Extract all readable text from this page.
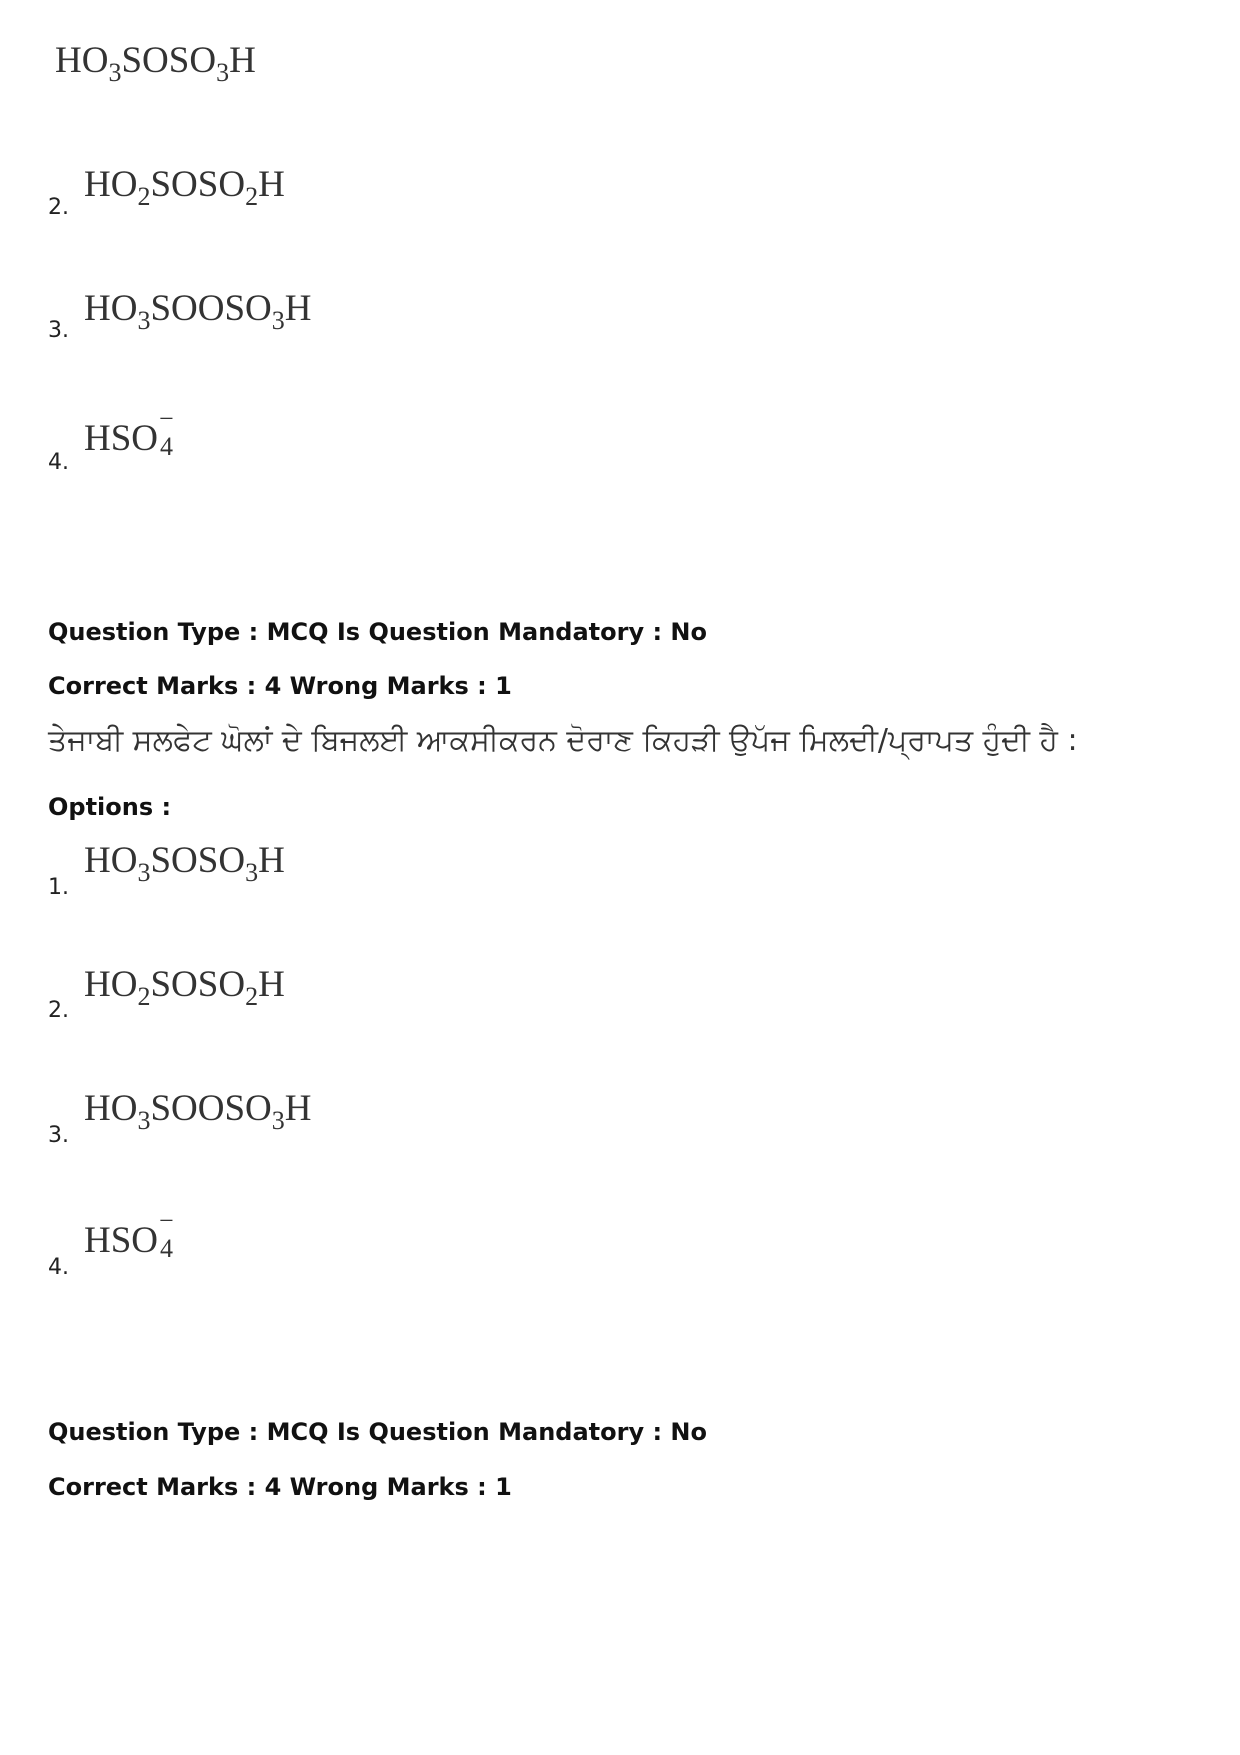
$HO_3SOSO_3H$
2.
$HO_2SOSO_2H$
3.
$HO_3SOOSO_3H$
4.
HSO −
4
Question Type : MCQ Is Question Mandatory : No
Correct Marks : 4 Wrong Marks : 1
ਤੇਜਾਬੀ ਸਲਫੇਟ ਘੋਲਾਂ ਦੇ ਬਿਜਲਈ ਆਕਸੀਕਰਨ ਦੋਰਾਣ ਕਿਹੜੀ ਉਪੱਜ ਮਿਲਦੀ/ਪ੍ਰਾਪਤ ਹੁੰਦੀ ਹੈ :
Options :
1.
$HO_3SOSO_3H$
2.
$HO_2SOSO_2H$
3.
$HO_3SOOSO_3H$
4.
HSO −
4
Question Type : MCQ Is Question Mandatory : No
Correct Marks : 4 Wrong Marks : 1
